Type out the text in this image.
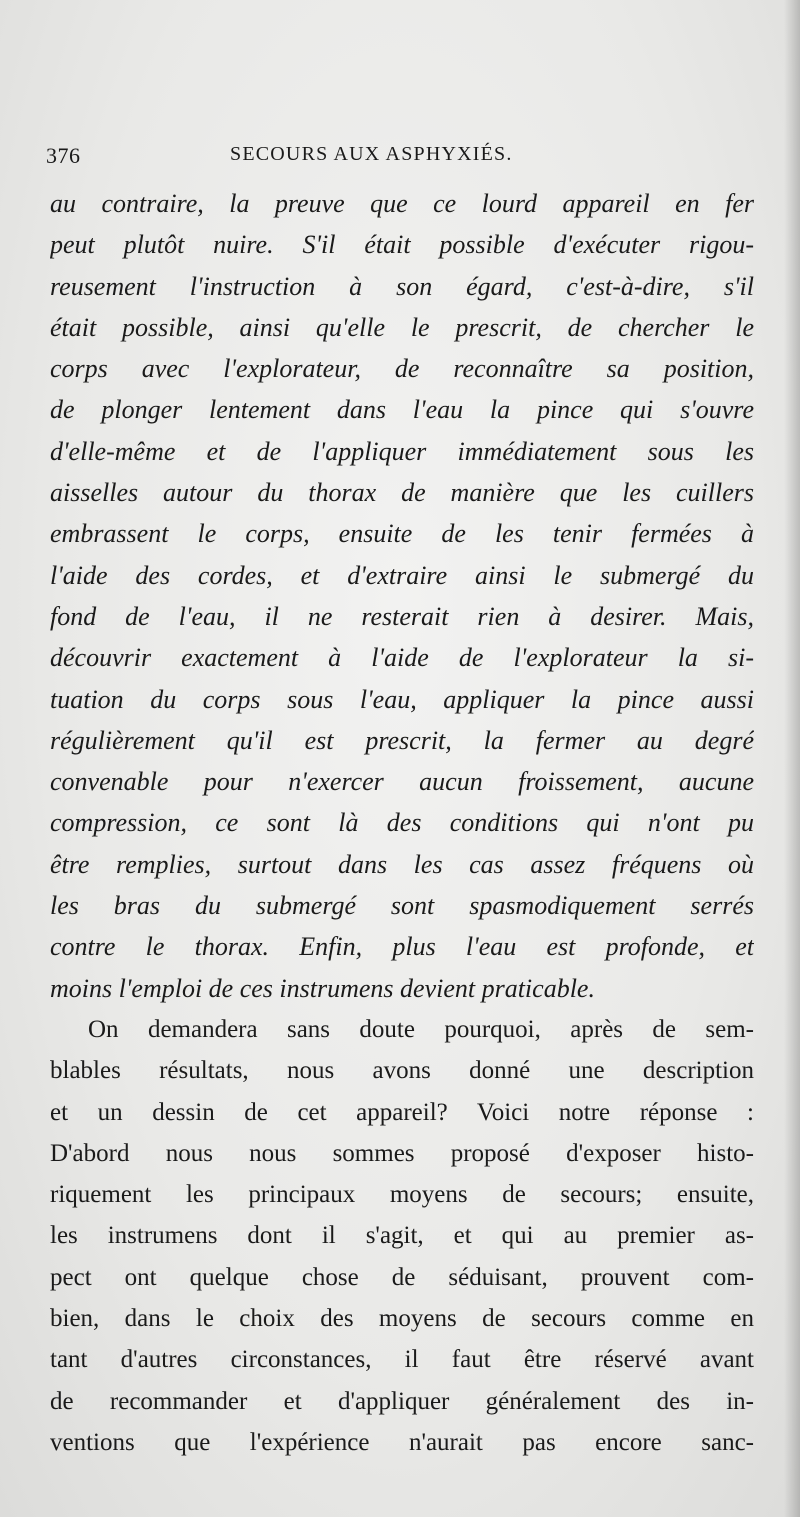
376	SECOURS AUX ASPHYXIÉS.
au contraire, la preuve que ce lourd appareil en fer
peut plutôt nuire. S'il était possible d'exécuter rigou-
reusement l'instruction à son égard, c'est-à-dire, s'il
était possible, ainsi qu'elle le prescrit, de chercher le
corps avec l'explorateur, de reconnaître sa position,
de plonger lentement dans l'eau la pince qui s'ouvre
d'elle-même et de l'appliquer immédiatement sous les
aisselles autour du thorax de manière que les cuillers
embrassent le corps, ensuite de les tenir fermées à
l'aide des cordes, et d'extraire ainsi le submergé du
fond de l'eau, il ne resterait rien à desirer. Mais,
découvrir exactement à l'aide de l'explorateur la si-
tuation du corps sous l'eau, appliquer la pince aussi
régulièrement qu'il est prescrit, la fermer au degré
convenable pour n'exercer aucun froissement, aucune
compression, ce sont là des conditions qui n'ont pu
être remplies, surtout dans les cas assez fréquens où
les bras du submergé sont spasmodiquement serrés
contre le thorax. Enfin, plus l'eau est profonde, et
moins l'emploi de ces instrumens devient praticable.
On demandera sans doute pourquoi, après de sem-
blables résultats, nous avons donné une description
et un dessin de cet appareil? Voici notre réponse :
D'abord nous nous sommes proposé d'exposer histo-
riquement les principaux moyens de secours; ensuite,
les instrumens dont il s'agit, et qui au premier as-
pect ont quelque chose de séduisant, prouvent com-
bien, dans le choix des moyens de secours comme en
tant d'autres circonstances, il faut être réservé avant
de recommander et d'appliquer généralement des in-
ventions que l'expérience n'aurait pas encore sanc-
